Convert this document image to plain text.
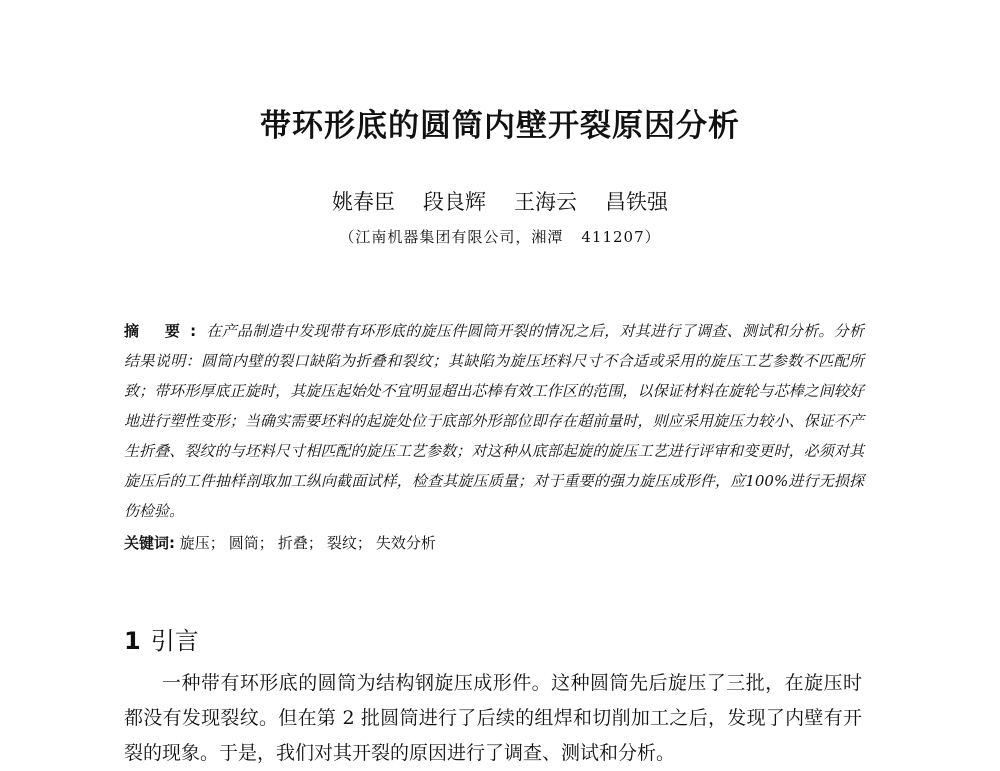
带环形底的圆筒内壁开裂原因分析
姚春臣 段良辉 王海云 昌铁强
（江南机器集团有限公司，湘潭 411207）
摘 要:在产品制造中发现带有环形底的旋压件圆筒开裂的情况之后，对其进行了调查、测试和分析。分析结果说明：圆筒内壁的裂口缺陷为折叠和裂纹；其缺陷为旋压坯料尺寸不合适或采用的旋压工艺参数不匹配所致；带环形厚底正旋时，其旋压起始处不宜明显超出芯棒有效工作区的范围，以保证材料在旋轮与芯棒之间较好地进行塑性变形；当确实需要坯料的起旋处位于底部外形部位即存在超前量时，则应采用旋压力较小、保证不产生折叠、裂纹的与坯料尺寸相匹配的旋压工艺参数；对这种从底部起旋的旋压工艺进行评审和变更时，必须对其旋压后的工件抽样剖取加工纵向截面试样，检查其旋压质量；对于重要的强力旋压成形件，应100%进行无损探伤检验。
关键词: 旋压； 圆筒； 折叠； 裂纹； 失效分析
1 引言
一种带有环形底的圆筒为结构钢旋压成形件。这种圆筒先后旋压了三批，在旋压时都没有发现裂纹。但在第 2 批圆筒进行了后续的组焊和切削加工之后，发现了内壁有开裂的现象。于是，我们对其开裂的原因进行了调查、测试和分析。
